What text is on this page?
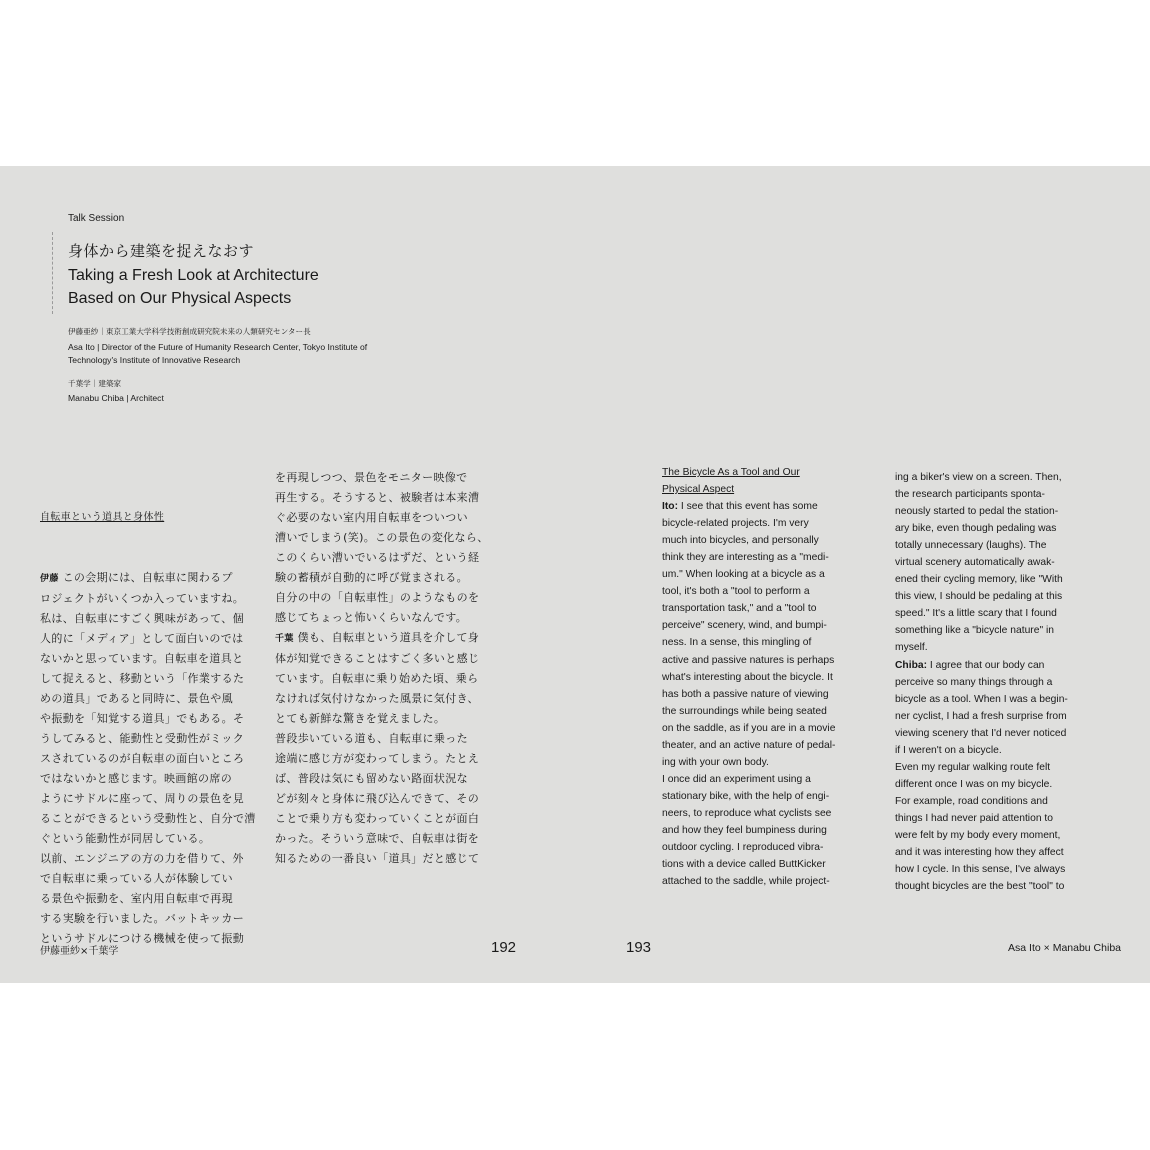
Talk Session
身体から建築を捉えなおす
Taking a Fresh Look at Architecture
Based on Our Physical Aspects
伊藤亜紗｜東京工業大学科学技術創成研究院未来の人類研究センター長
Asa Ito | Director of the Future of Humanity Research Center, Tokyo Institute of
Technology's Institute of Innovative Research
千葉学｜建築家
Manabu Chiba | Architect

自転車という道具と身体性

伊藤 この会期には、自転車に関わるプ
ロジェクトがいくつか入っていますね。
私は、自転車にすごく興味があって、個
人的に「メディア」として面白いのでは
ないかと思っています。自転車を道具と
して捉えると、移動という「作業するた
めの道具」であると同時に、景色や風
や振動を「知覚する道具」でもある。そ
うしてみると、能動性と受動性がミック
スされているのが自転車の面白いところ
ではないかと感じます。映画館の席の
ようにサドルに座って、周りの景色を見
ることができるという受動性と、自分で漕
ぐという能動性が同居している。
以前、エンジニアの方の力を借りて、外
で自転車に乗っている人が体験してい
る景色や振動を、室内用自転車で再現
する実験を行いました。バットキッカー
というサドルにつける機械を使って振動

を再現しつつ、景色をモニター映像で
再生する。そうすると、被験者は本来漕
ぐ必要のない室内用自転車をついつい
漕いでしまう(笑)。この景色の変化なら、
このくらい漕いでいるはずだ、という経
験の蓄積が自動的に呼び覚まされる。
自分の中の「自転車性」のようなものを
感じてちょっと怖いくらいなんです。
千葉 僕も、自転車という道具を介して身
体が知覚できることはすごく多いと感じ
ています。自転車に乗り始めた頃、乗ら
なければ気付けなかった風景に気付き、
とても新鮮な驚きを覚えました。
普段歩いている道も、自転車に乗った
途端に感じ方が変わってしまう。たとえ
ば、普段は気にも留めない路面状況な
どが刻々と身体に飛び込んできて、その
ことで乗り方も変わっていくことが面白
かった。そういう意味で、自転車は街を
知るための一番良い「道具」だと感じて
The Bicycle As a Tool and Our
Physical Aspect
Ito: I see that this event has some
bicycle-related projects. I'm very
much into bicycles, and personally
think they are interesting as a "medi-
um." When looking at a bicycle as a
tool, it's both a "tool to perform a
transportation task," and a "tool to
perceive" scenery, wind, and bumpi-
ness. In a sense, this mingling of
active and passive natures is perhaps
what's interesting about the bicycle. It
has both a passive nature of viewing
the surroundings while being seated
on the saddle, as if you are in a movie
theater, and an active nature of pedal-
ing with your own body.
I once did an experiment using a
stationary bike, with the help of engi-
neers, to reproduce what cyclists see
and how they feel bumpiness during
outdoor cycling. I reproduced vibra-
tions with a device called ButtKicker
attached to the saddle, while project-
ing a biker's view on a screen. Then,
the research participants sponta-
neously started to pedal the station-
ary bike, even though pedaling was
totally unnecessary (laughs). The
virtual scenery automatically awak-
ened their cycling memory, like "With
this view, I should be pedaling at this
speed." It's a little scary that I found
something like a "bicycle nature" in
myself.
Chiba: I agree that our body can
perceive so many things through a
bicycle as a tool. When I was a begin-
ner cyclist, I had a fresh surprise from
viewing scenery that I'd never noticed
if I weren't on a bicycle.
Even my regular walking route felt
different once I was on my bicycle.
For example, road conditions and
things I had never paid attention to
were felt by my body every moment,
and it was interesting how they affect
how I cycle. In this sense, I've always
thought bicycles are the best "tool" to
伊藤亜紗×千葉学	192	193	Asa Ito × Manabu Chiba
